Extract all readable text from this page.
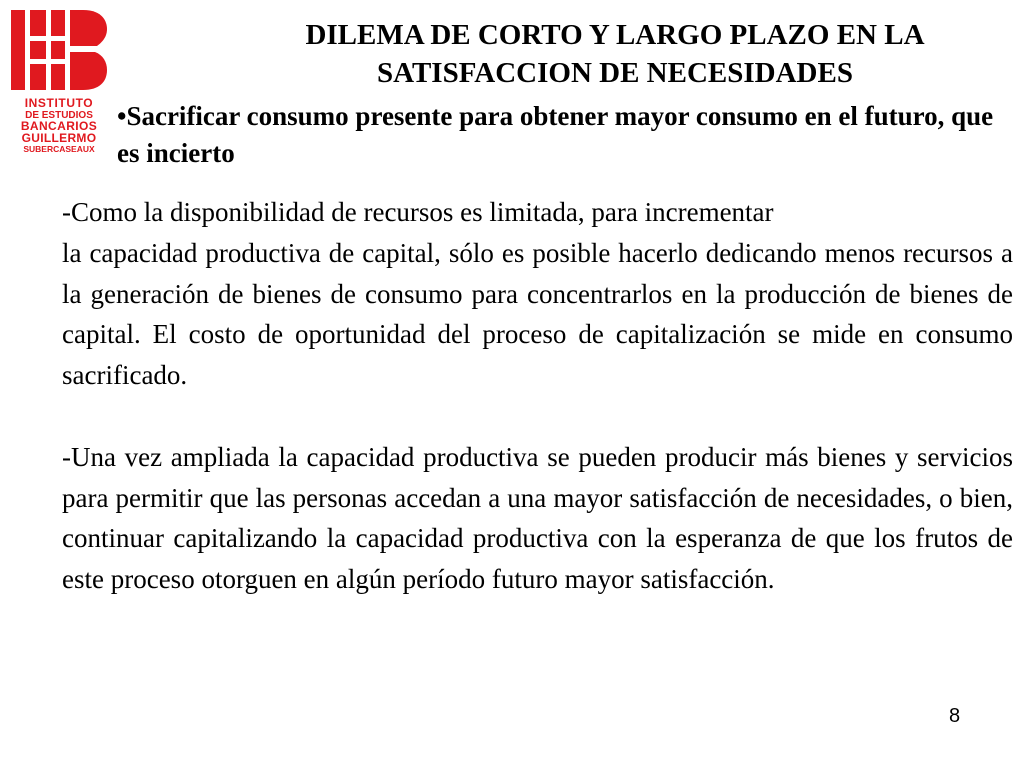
INSTITUTO
DE ESTUDIOS
BANCARIOS
GUILLERMO
SUBERCASEAUX
DILEMA DE CORTO Y LARGO PLAZO EN LA
SATISFACCION DE NECESIDADES

•Sacrificar consumo presente para obtener mayor consumo en el futuro, que es incierto

-Como la disponibilidad de recursos es limitada, para incrementar

la capacidad productiva de capital, sólo es posible hacerlo dedicando menos recursos a la generación de bienes de consumo para concentrarlos en la producción de bienes de capital. El costo de oportunidad del proceso de capitalización se mide en consumo sacrificado.

-Una vez ampliada la capacidad productiva se pueden producir más bienes y servicios para permitir que las personas accedan a una mayor satisfacción de necesidades, o bien, continuar capitalizando la capacidad productiva con la esperanza de que los frutos de este proceso otorguen en algún período futuro mayor satisfacción.

8
